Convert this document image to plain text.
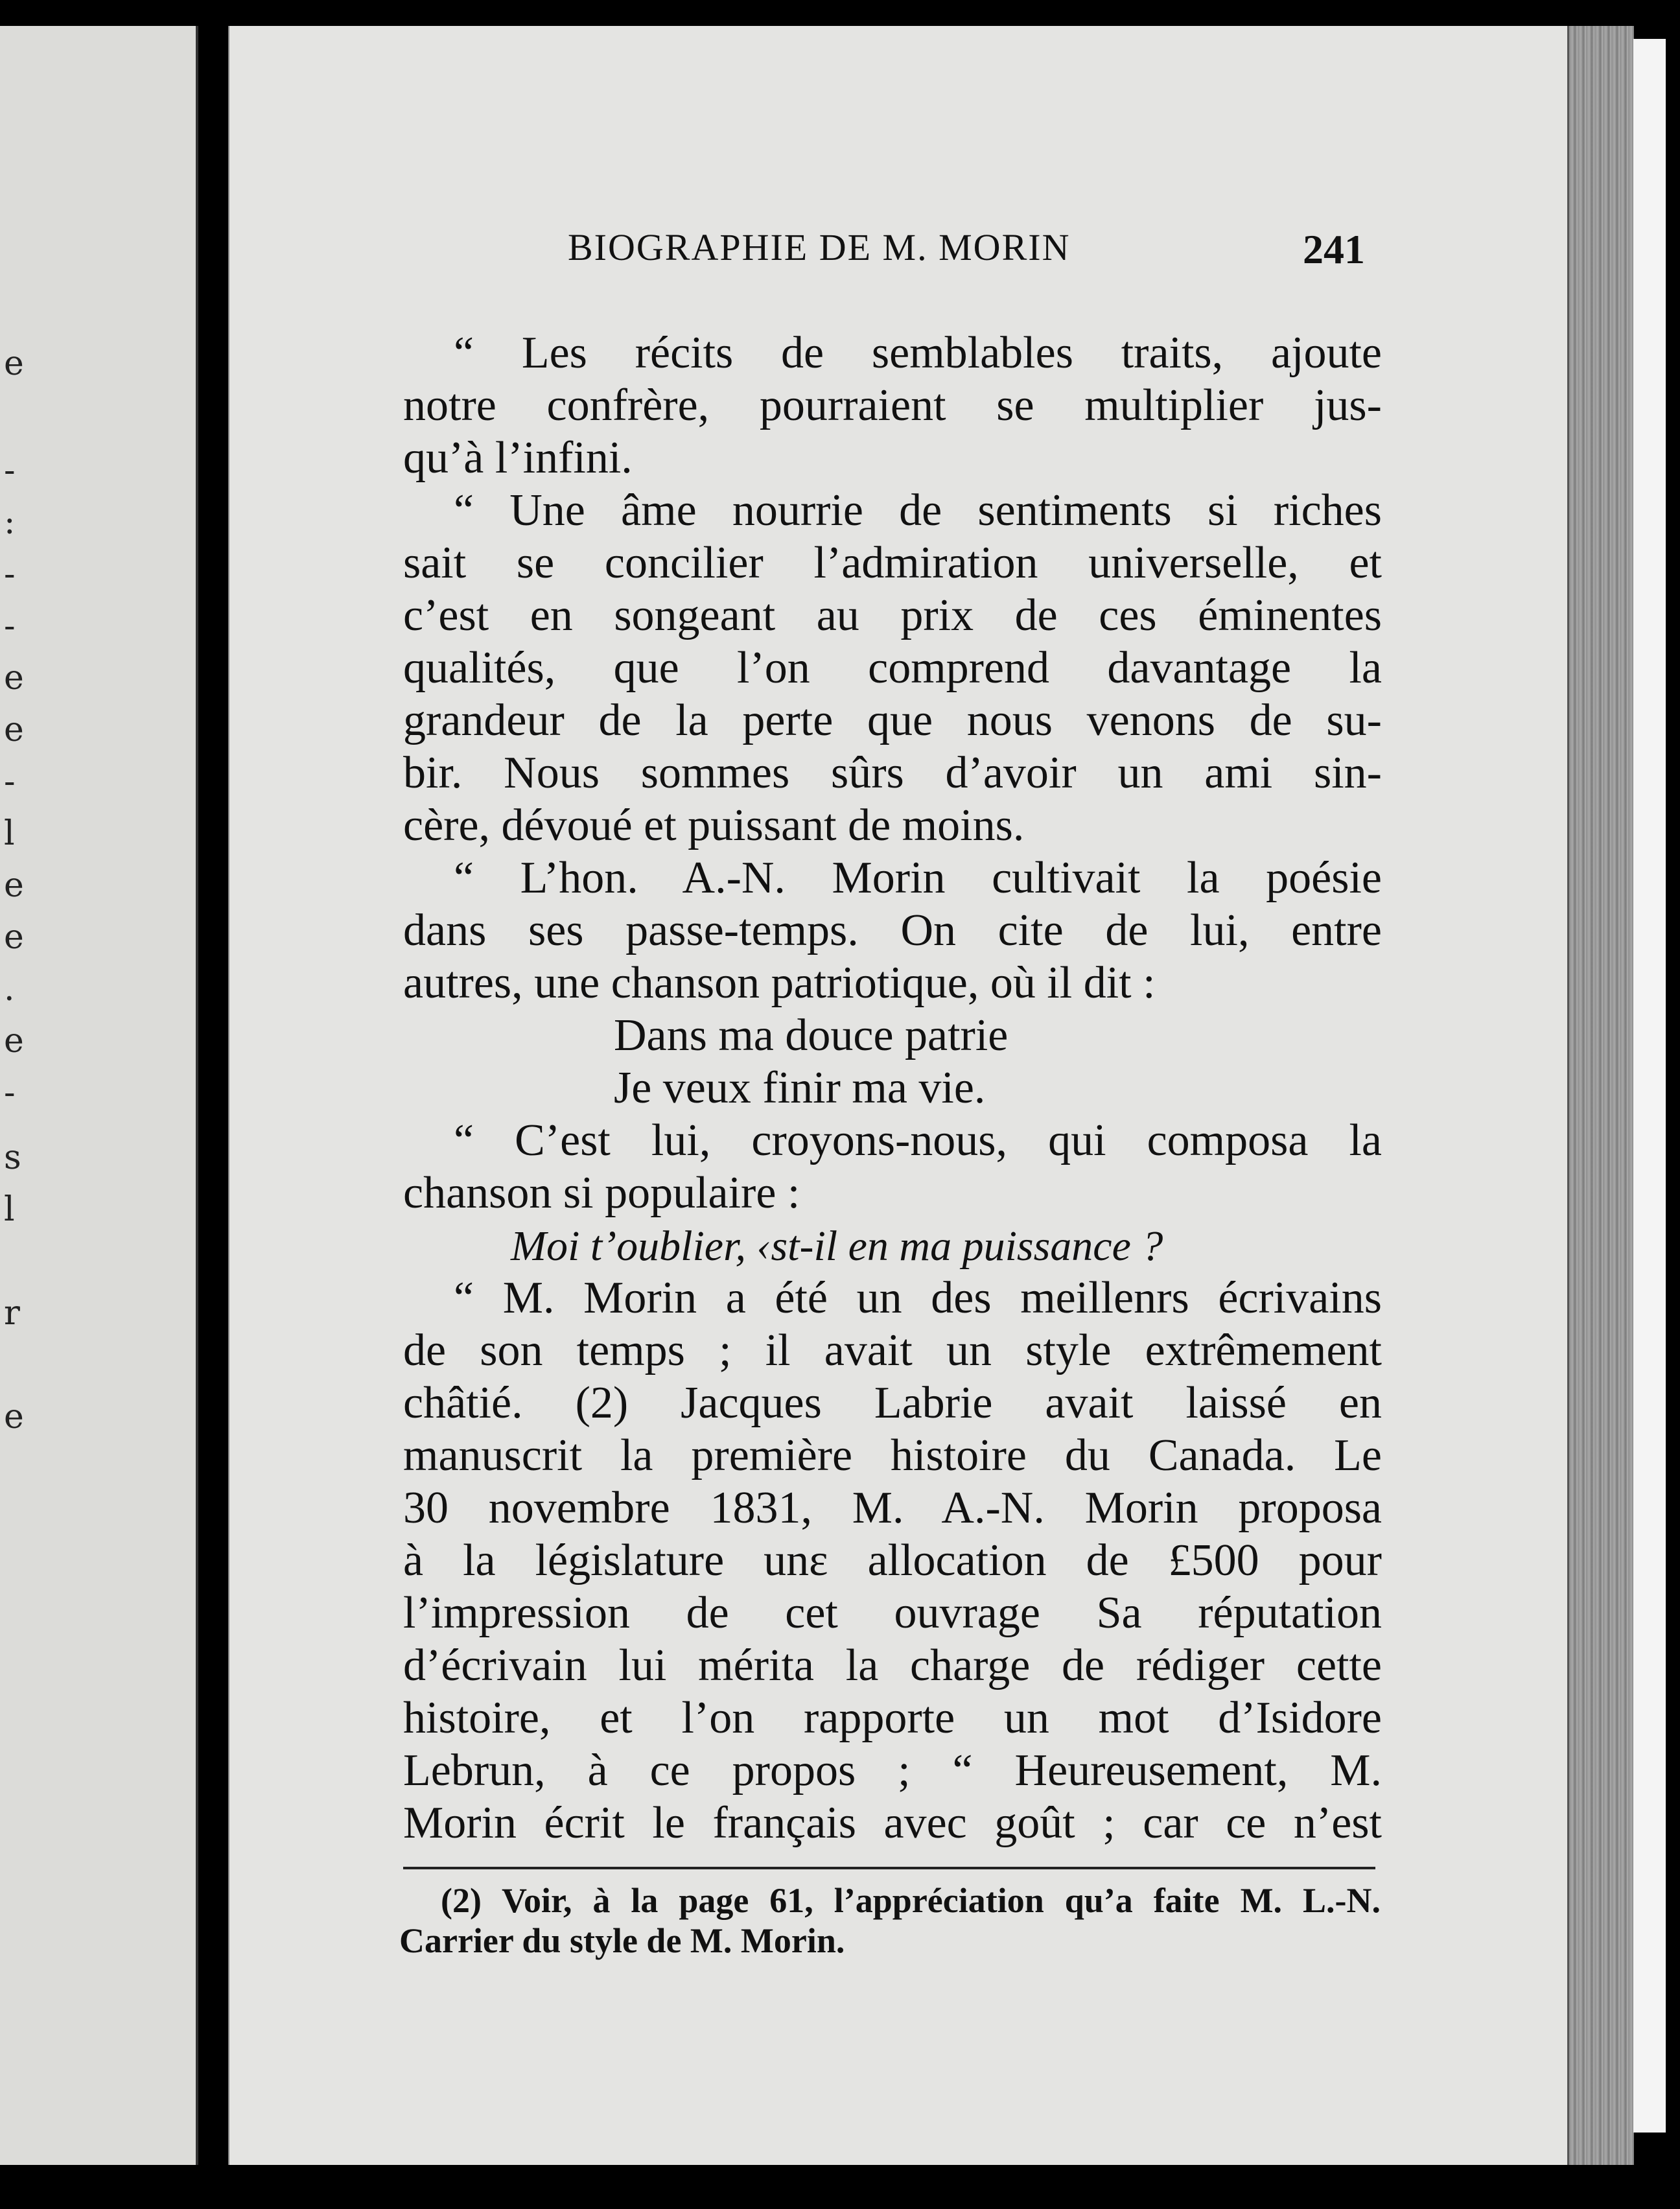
e
-
:
-
-
e
e
-
l
e
e
.
e
-
s
l
r
e
BIOGRAPHIE DE M. MORIN	241
“ Les récits de semblables traits, ajoute
notre confrère, pourraient se multiplier jus-
qu’à l’infini.
“ Une âme nourrie de sentiments si riches
sait se concilier l’admiration universelle, et
c’est en songeant au prix de ces éminentes
qualités, que l’on comprend davantage la
grandeur de la perte que nous venons de su-
bir. Nous sommes sûrs d’avoir un ami sin-
cère, dévoué et puissant de moins.
“ L’hon. A.-N. Morin cultivait la poésie
dans ses passe-temps. On cite de lui, entre
autres, une chanson patriotique, où il dit :
Dans ma douce patrie
Je veux finir ma vie.
“ C’est lui, croyons-nous, qui composa la
chanson si populaire :
Moi t’oublier, ‹st-il en ma puissance ?
“ M. Morin a été un des meillenrs écrivains
de son temps ; il avait un style extrêmement
châtié. (2) Jacques Labrie avait laissé en
manuscrit la première histoire du Canada. Le
30 novembre 1831, M. A.-N. Morin proposa
à la législature unε allocation de £500 pour
l’impression de cet ouvrage Sa réputation
d’écrivain lui mérita la charge de rédiger cette
histoire, et l’on rapporte un mot d’Isidore
Lebrun, à ce propos ; “ Heureusement, M.
Morin écrit le français avec goût ; car ce n’est
(2) Voir, à la page 61, l’appréciation qu’a faite M. L.-N.
Carrier du style de M. Morin.
